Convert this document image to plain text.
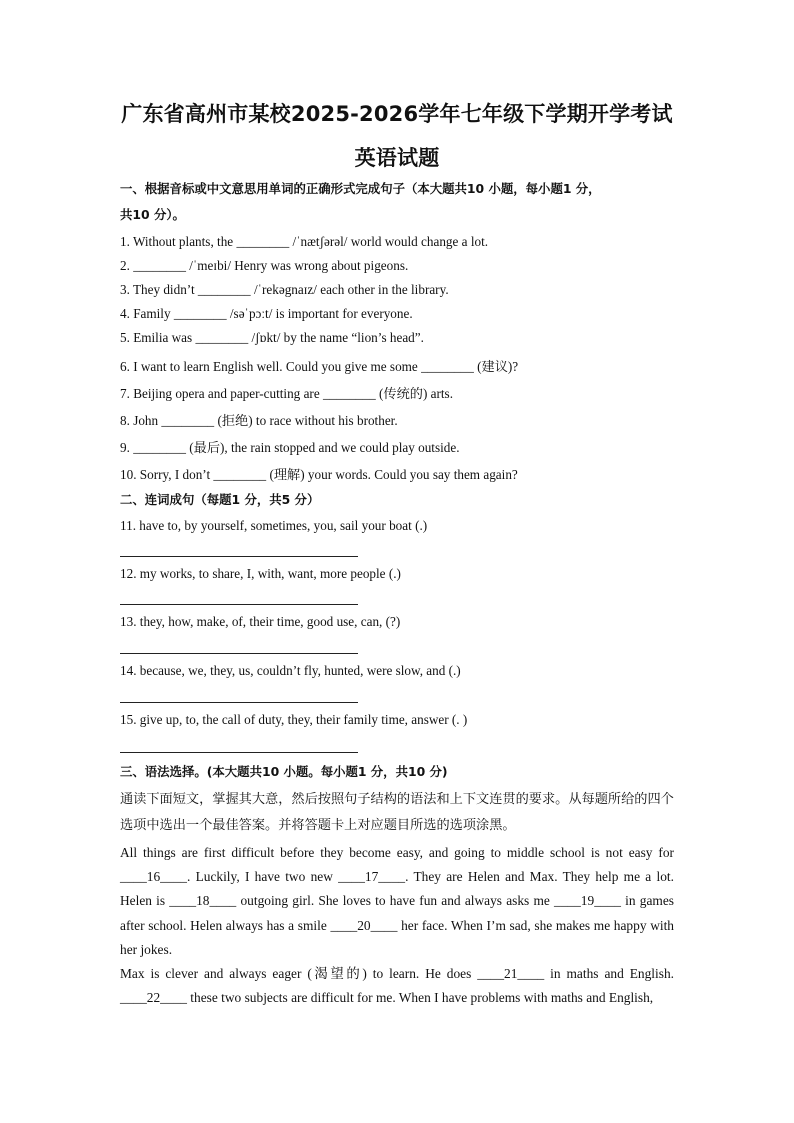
广东省高州市某校2025-2026学年七年级下学期开学考试
英语试题
一、根据音标或中文意思用单词的正确形式完成句子（本大题共10 小题，每小题1 分，
共10 分）。
1. Without plants, the ________ /ˈnætʃərəl/ world would change a lot.
2. ________ /ˈmeɪbi/ Henry was wrong about pigeons.
3. They didn’t ________ /ˈrekəgnaɪz/ each other in the library.
4. Family ________ /səˈpɔːt/ is important for everyone.
5. Emilia was ________ /ʃɒkt/ by the name “lion’s head”.
6. I want to learn English well. Could you give me some ________ (建议)?
7. Beijing opera and paper-cutting are ________ (传统的) arts.
8. John ________ (拒绝) to race without his brother.
9. ________ (最后), the rain stopped and we could play outside.
10. Sorry, I don’t ________ (理解) your words. Could you say them again?
二、连词成句（每题1 分，共5 分）
11. have to, by yourself, sometimes, you, sail your boat (.)
12. my works, to share, I, with, want, more people (.)
13. they, how, make, of, their time, good use, can, (?)
14. because, we, they, us, couldn’t fly, hunted, were slow, and (.)
15. give up, to, the call of duty, they, their family time, answer (. )
三、语法选择。(本大题共10 小题。每小题1 分，共10 分)
通读下面短文，掌握其大意，然后按照句子结构的语法和上下文连贯的要求。从每题所给的四个选项中选出一个最佳答案。并将答题卡上对应题目所选的选项涂黑。
All things are first difficult before they become easy, and going to middle school is not easy for ____16____. Luckily, I have two new ____17____. They are Helen and Max. They help me a lot. Helen is ____18____ outgoing girl. She loves to have fun and always asks me ____19____ in games after school. Helen always has a smile ____20____ her face. When I’m sad, she makes me happy with her jokes.
Max is clever and always eager (渴望的) to learn. He does ____21____ in maths and English. ____22____ these two subjects are difficult for me. When I have problems with maths and English,
